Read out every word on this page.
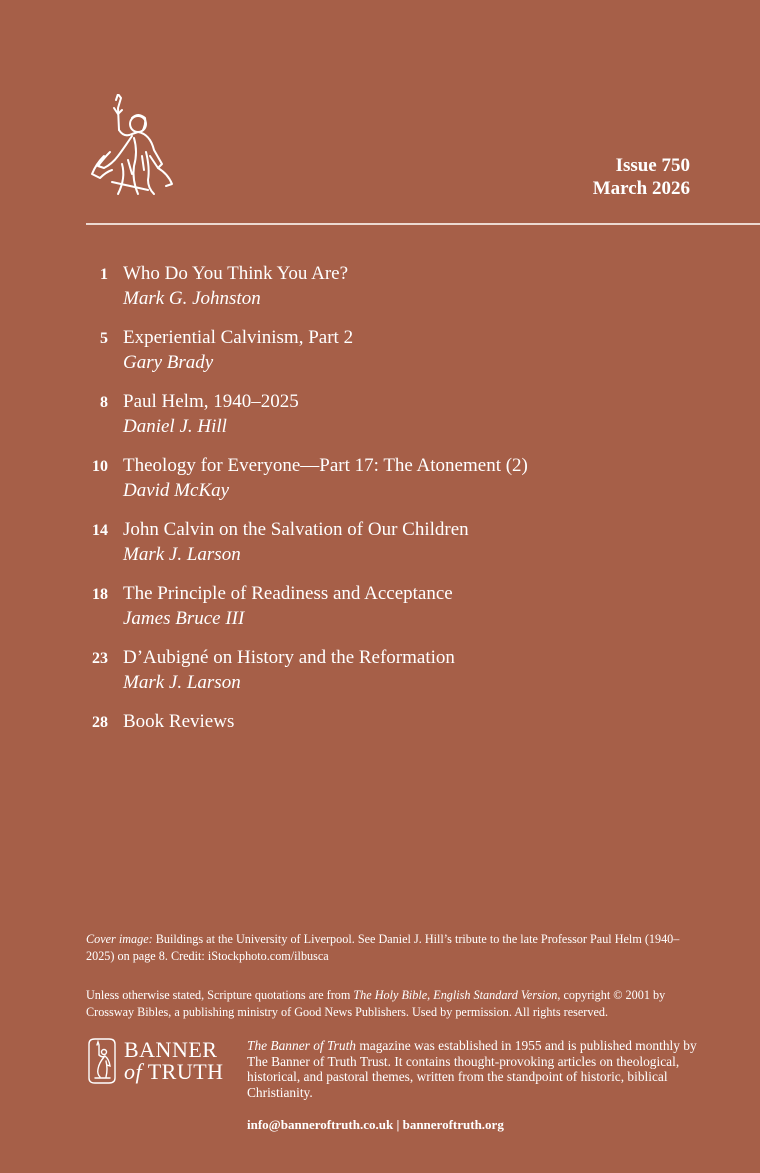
Issue 750
March 2026
1 Who Do You Think You Are?
Mark G. Johnston
5 Experiential Calvinism, Part 2
Gary Brady
8 Paul Helm, 1940–2025
Daniel J. Hill
10 Theology for Everyone—Part 17: The Atonement (2)
David McKay
14 John Calvin on the Salvation of Our Children
Mark J. Larson
18 The Principle of Readiness and Acceptance
James Bruce III
23 D’Aubigné on History and the Reformation
Mark J. Larson
28 Book Reviews
Cover image: Buildings at the University of Liverpool. See Daniel J. Hill’s tribute to the late Professor Paul Helm (1940–2025) on page 8. Credit: iStockphoto.com/ilbusca
Unless otherwise stated, Scripture quotations are from The Holy Bible, English Standard Version, copyright © 2001 by Crossway Bibles, a publishing ministry of Good News Publishers. Used by permission. All rights reserved.
BANNER
of TRUTH
The Banner of Truth magazine was established in 1955 and is published monthly by The Banner of Truth Trust. It contains thought-provoking articles on theological, historical, and pastoral themes, written from the standpoint of historic, biblical Christianity.
info@banneroftruth.co.uk | banneroftruth.org
